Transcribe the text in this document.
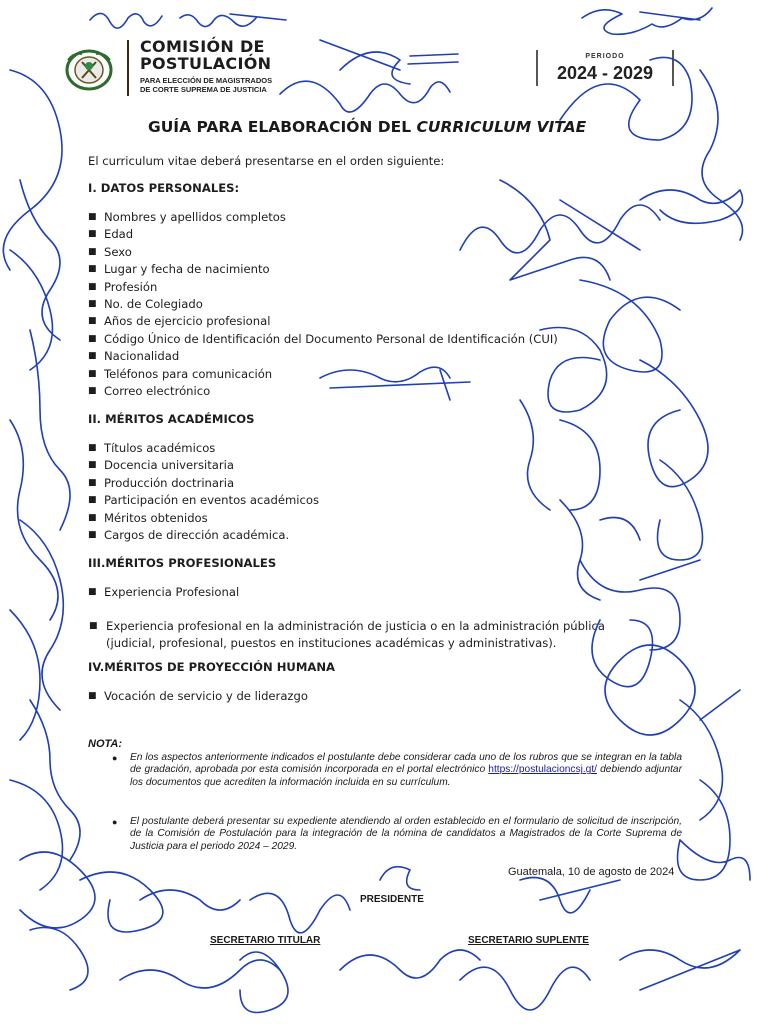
COMISIÓN DE
POSTULACIÓN
PARA ELECCIÓN DE MAGISTRADOS
DE CORTE SUPREMA DE JUSTICIA
PERIODO
2024 - 2029
GUÍA PARA ELABORACIÓN DEL CURRICULUM VITAE
El curriculum vitae deberá presentarse en el orden siguiente:
I. DATOS PERSONALES:
■ Nombres y apellidos completos
■ Edad
■ Sexo
■ Lugar y fecha de nacimiento
■ Profesión
■ No. de Colegiado
■ Años de ejercicio profesional
■ Código Único de Identificación del Documento Personal de Identificación (CUI)
■ Nacionalidad
■ Teléfonos para comunicación
■ Correo electrónico
II. MÉRITOS ACADÉMICOS
■ Títulos académicos
■ Docencia universitaria
■ Producción doctrinaria
■ Participación en eventos académicos
■ Méritos obtenidos
■ Cargos de dirección académica.
III.MÉRITOS PROFESIONALES
■ Experiencia Profesional
■ Experiencia profesional en la administración de justicia o en la administración pública (judicial, profesional, puestos en instituciones académicas y administrativas).
IV.MÉRITOS DE PROYECCIÓN HUMANA
■ Vocación de servicio y de liderazgo
NOTA:
● En los aspectos anteriormente indicados el postulante debe considerar cada uno de los rubros que se integran en la tabla de gradación, aprobada por esta comisión incorporada en el portal electrónico https://postulacioncsj.gt/ debiendo adjuntar los documentos que acrediten la información incluida en su currículum.
● El postulante deberá presentar su expediente atendiendo al orden establecido en el formulario de solicitud de inscripción, de la Comisión de Postulación para la integración de la nómina de candidatos a Magistrados de la Corte Suprema de Justicia para el periodo 2024 – 2029.
Guatemala, 10 de agosto de 2024
PRESIDENTE
SECRETARIO TITULAR	SECRETARIO SUPLENTE
